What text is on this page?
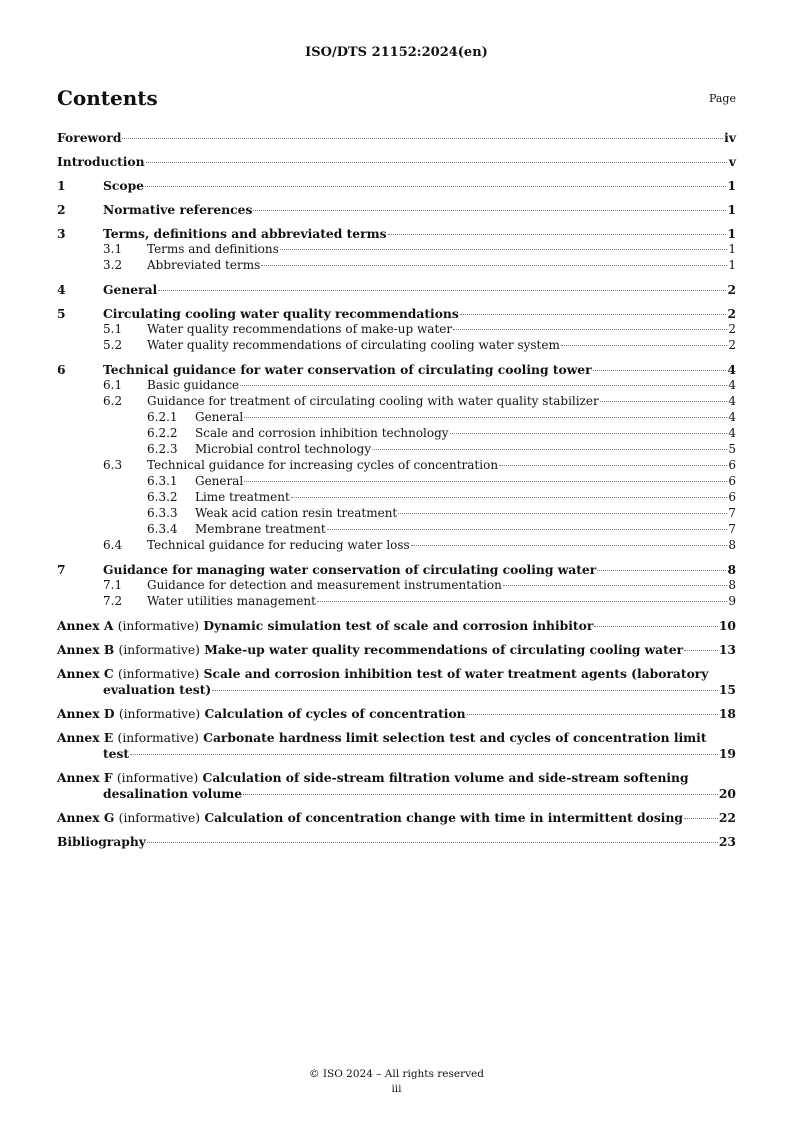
ISO/DTS 21152:2024(en)
Contents	Page
Foreword	iv
Introduction	v
1	Scope	1
2	Normative references	1
3	Terms, definitions and abbreviated terms	1
3.1	Terms and definitions	1
3.2	Abbreviated terms	1
4	General	2
5	Circulating cooling water quality recommendations	2
5.1	Water quality recommendations of make-up water	2
5.2	Water quality recommendations of circulating cooling water system	2
6	Technical guidance for water conservation of circulating cooling tower	4
6.1	Basic guidance	4
6.2	Guidance for treatment of circulating cooling with water quality stabilizer	4
6.2.1	General	4
6.2.2	Scale and corrosion inhibition technology	4
6.2.3	Microbial control technology	5
6.3	Technical guidance for increasing cycles of concentration	6
6.3.1	General	6
6.3.2	Lime treatment	6
6.3.3	Weak acid cation resin treatment	7
6.3.4	Membrane treatment	7
6.4	Technical guidance for reducing water loss	8
7	Guidance for managing water conservation of circulating cooling water	8
7.1	Guidance for detection and measurement instrumentation	8
7.2	Water utilities management	9
Annex A (informative) Dynamic simulation test of scale and corrosion inhibitor	10
Annex B (informative) Make-up water quality recommendations of circulating cooling water	13
Annex C (informative) Scale and corrosion inhibition test of water treatment agents (laboratory
evaluation test)	15
Annex D (informative) Calculation of cycles of concentration	18
Annex E (informative) Carbonate hardness limit selection test and cycles of concentration limit
test	19
Annex F (informative) Calculation of side-stream filtration volume and side-stream softening
desalination volume	20
Annex G (informative) Calculation of concentration change with time in intermittent dosing	22
Bibliography	23
© ISO 2024 – All rights reserved
iii
